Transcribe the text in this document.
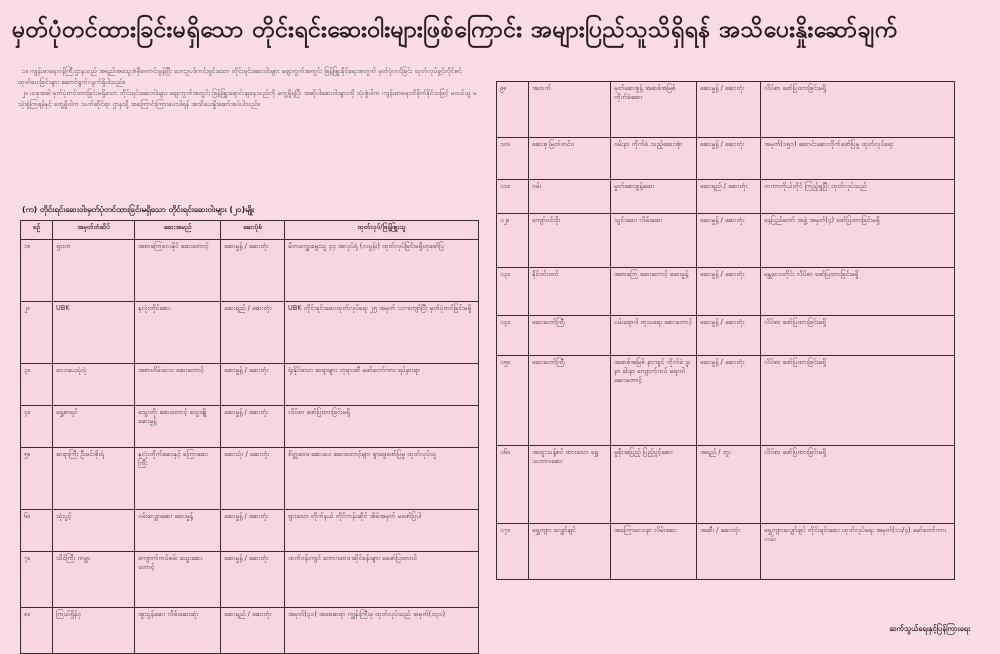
မှတ်ပုံတင်ထားခြင်းမရှိသော တိုင်းရင်းဆေးဝါးများဖြစ်ကြောင်း အများပြည်သူသိရှိရန် အသိပေးနှိုးဆော်ချက်

၁။ ကျန်းမာရေးဝန်ကြီးဌာနသည် အရည်အသွေးစံမှီကောင်းမွန်ပြီး ဘေးဥပဒ်ကင်းရှင်းသော တိုင်းရင်းဆေးဝါးများ ဈေးကွက်အတွင်း ဖြန့်ဖြူးနိုင်ရေးအတွက် မှတ်ပုံတင်ခြင်း ထုတ်လုပ်ခွင့်လိုင်စင်ထုတ်ပေးခြင်းများ ဆောင်ရွက်လျက်ရှိပါသည်။

၂။ ယခုအခါ မှတ်ပုံတင်ထားခြင်းမရှိသော တိုင်းရင်းဆေးဝါးများ ဈေးကွက်အတွင်း ဖြန့်ဖြူးရောင်းချနေသည်ကို တွေ့ရှိရပြီး အဆိုပါဆေးဝါးများကို သုံးစွဲပါက ကျန်းမာရေးထိခိုက်နိုင်သဖြင့် မဝယ်ယူ မသုံးစွဲကြရန်နှင့် တွေ့ရှိပါက သက်ဆိုင်ရာ ဌာနသို့ အကြောင်းကြားပေးပါရန် အသိပေးနှိုးဆော်အပ်ပါသည်။

(က) တိုင်းရင်းဆေးဝါးမှတ်ပုံတင်ထားခြင်းမရှိသော တိုင်းရင်းဆေးဝါးများ (၂၀)မျိုး
စဉ်	အမှတ်တံဆိပ်	ဆေးအမည်	ဆေးပုံစံ	ထုတ်လုပ်/ဖြန့်ဖြူးသူ
၁။	ရှားတ	အစာကြေလေနိုင် ဆေးတောင့်	ဆေးမှုန့် / ဆေးတုံး	မိဘကျွေးမွေးသူ ၄၄ အလုပ်ရုံ (လပွန်း) ထုတ်လုပ်ခြင်းမရှိဟုဖော်ပြ
၂။	UBK	နှလုံးတိုင်ဆေး	ဆေးရည် / ဆေးတုံး	UBK တိုင်းရင်းဆေးထုတ်လုပ်ရေး ၂၅ အမှတ် ၁၁-ကျော်ပြီး မှတ်ပုံတင်ခြင်းမရှိ
၃။	လေးပေသုံးပုံ	အစာဟိမ်းလေး ဆေးတောင့်	ဆေးမှုန့် / ဆေးတုံး	ရုံးနိုင်သော ဆရာများ ဘုရားဆီ မော်တော်ကား ရပ်နားရာ
၄။	ရွှေစာရင်	သွေးတိုး ဆေးတောင့် သွေးချို ဆေးမှုန့်	ဆေးမှုန့် / ဆေးတုံး	လိပ်စာ ဖော်ပြထားခြင်းမရှိ
၅။	ဆရာကြီး ဦးမင်းစိုးရဲ	နှလုံးတိုက်ဆေးနှင့် ကြောဆေးကြီး	ဆေးသုံး / ဆေးတုံး	စိတ္တဗေဒ ဆေးပေး ဆေးတောင့်များ ရှာဖွေဖော်ပြမှု ထုတ်လုပ်သူ
၆။	သုံးပွင့်	ဝမ်းလျှောဆေး ဆေးမှုန့်	ဆေးမှုန့် / ဆေးတုံး	ရှားသော တိုက်နယ် ကိုင်ကန်းဆိုင် အိမ်အမှတ် မဖော်ပြပါ
၇။	သိင်ကြီး ကမ္ဘာ	ကျောက်ကပ်စမ်း သွေးဆေးတောင့်	ဆေးမှုန့် / ဆေးတုံး	ထက်ဝန်းကျင် ဘောဂဗေဒ ဆိုင်ခန်းများ မဖော်ပြထားပါ
၈။	ကြယ်ရှိန်ဝှ	အူသွန်ဆေး လိမ်းဆေးဆုံး	ဆေးရည် / ဆေးတုံး	အမှတ်(၃၁) အဖေဆရာ ကျွန်းကြီးမှ ထုတ်လုပ်သည် အမှတ်(၁၃၁)
၉။	အထက်	မှတ်ဆေးစွန့် အဆစ်အမြစ် ကိုက်ခဲဆေး	ဆေးမှုန့် / ဆေးတုံး	လိပ်စာ ဖော်ပြထားခြင်းမရှိ
၁၀။	ဆေးစု မြတ်တင်ဝ	ဝမ်းနာ ကိုက်ခဲ သည့်ဆေးအုံး	ဆေးမှုန့် / ဆေးတုံး	အမှတ်(၁၅၁) ဆောင်းဆေးတိုက်ဖော်ပြမှု ထုတ်လုပ်ရေး
၁၁။	ဂမ်း	မှုတ်ဆေးစွန့်ဆေး	ဆေးရည် / ဆေးတုံး	တကာကိုယ်တိုင် ကြည့်ရှုပြီး ထုတ်လုပ်သည်
၁၂။	ကျော်ဝင်းဝိုး	သွင်းဆေး လိမ်းဆေး	ဆေးမှုန့် / ဆေးတုံး	နေပြည်တော် အဖွဲ့ အမှတ်(၄) ဖော်ပြထားခြင်းမရှိ
၁၃။	နိုင်ဝင်းတင်	အစာကြေ ဆေးတောင့် ဆေးမှုန့်	ဆေးမှုန့် / ဆေးတုံး	မန္တလေးတိုင်း လိပ်စာ ဖော်ပြထားခြင်းမရှိ
၁၄။	ဆေးတော်ကြီး	ဝမ်းရောဂါ ကုသရေး ဆေးတောင့်	ဆေးမှုန့် / ဆေးတုံး	လိပ်စာ ဖော်ပြထားခြင်းမရှိ
၁၅။	ဆေးတော်ကြီး	အဆစ်အမြစ် နာကျင် ကိုက်ခဲ ဒူးနာ ခါးနာ ကျောက်ကပ် ရောဂါ ဆေးတောင့်	ဆေးမှုန့် / ဆေးတုံး	လိပ်စာ ဖော်ပြထားခြင်းမရှိ
၁၆။	အထူးသန့်စင် ထားသော ရွှေသဘာဝဆေး	မူခိုးအပြည့် ပြည့်ပွင့်ဆေး	အရည် / ဘူး	လိပ်စာ ဖော်ပြထားခြင်းမရှိ
၁၇။	ရွှေကျား လျှော်ချင်	အကြောလေးနာ လိမ်းဆေး	အဆီး / ဆေးတုံး	ရွှေကျားလျှော်ချင် တိုင်းရင်းဆေး ထုတ်လုပ်ရေး အမှတ်(၁၁/၄) မော်တော်ကားလမ်း
ဆက်သွယ်ရေးနှင့်ပြန်ကြားရေး
